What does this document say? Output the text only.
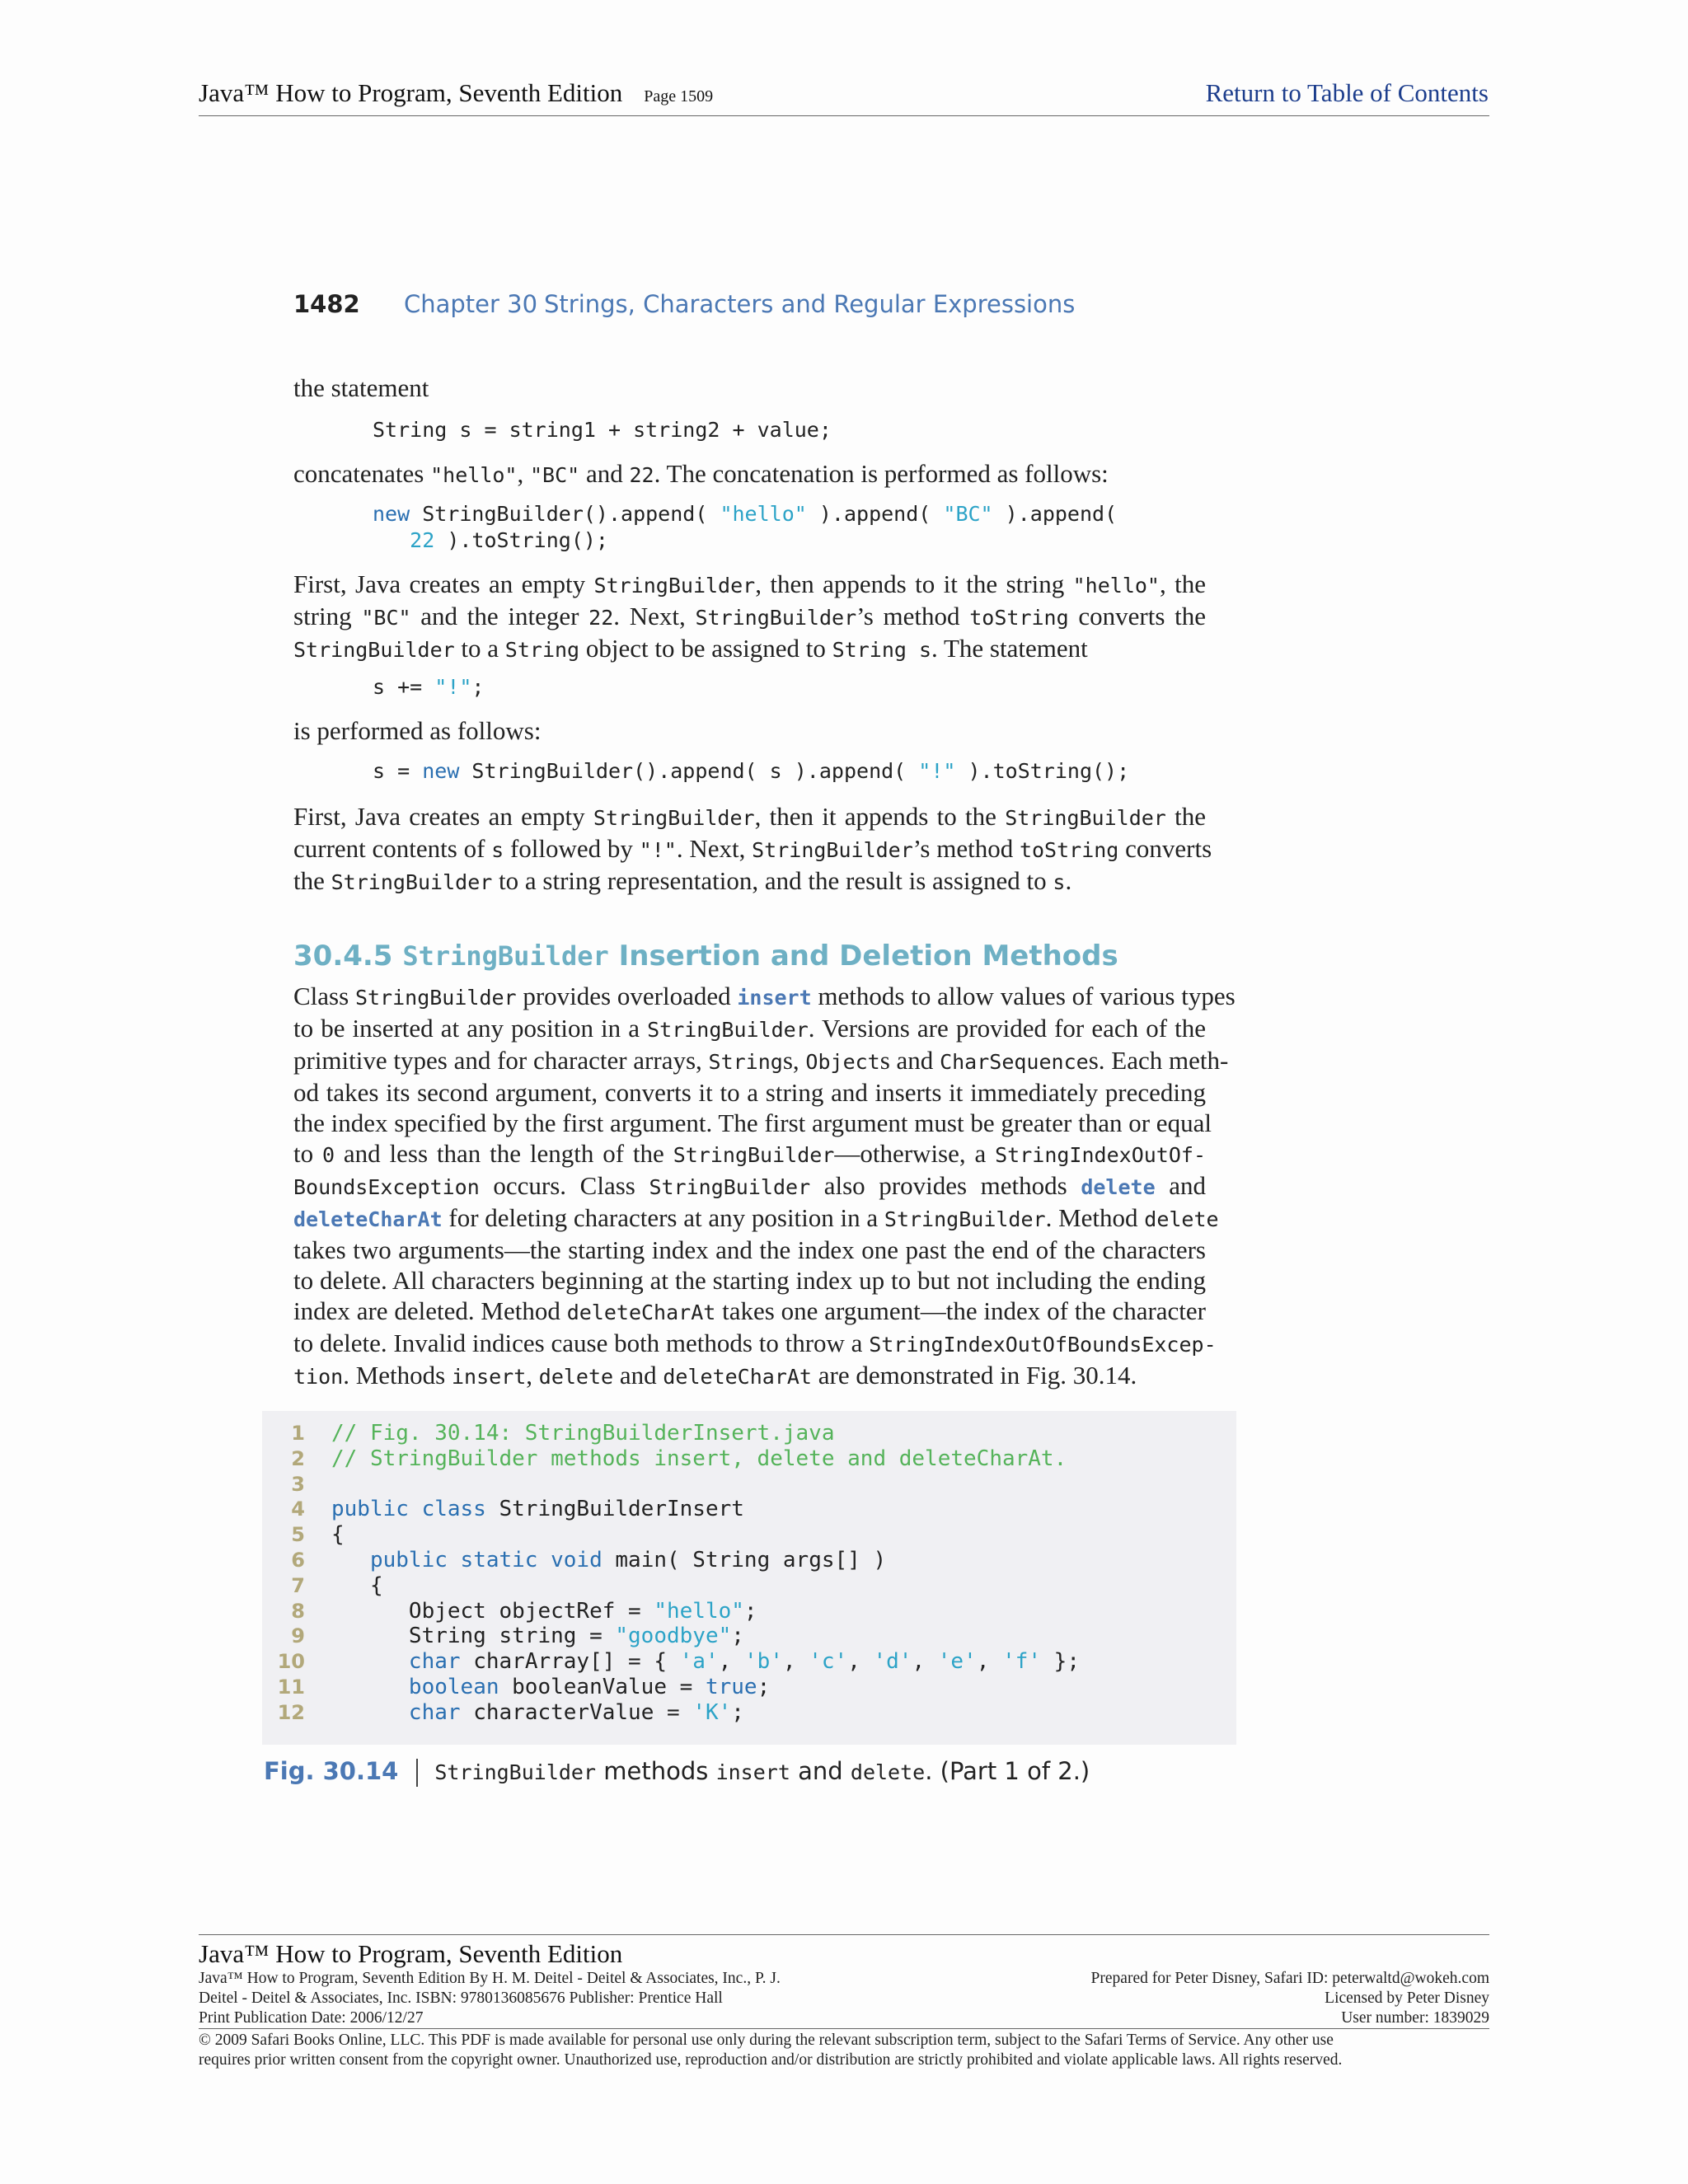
Java™ How to Program, Seventh Edition Page 1509	Return to Table of Contents
1482 Chapter 30 Strings, Characters and Regular Expressions
the statement
String s = string1 + string2 + value;
concatenates "hello", "BC" and 22. The concatenation is performed as follows:
new StringBuilder().append( "hello" ).append( "BC" ).append(
22 ).toString();
First, Java creates an empty StringBuilder, then appends to it the string "hello", the
string "BC" and the integer 22. Next, StringBuilder’s method toString converts the
StringBuilder to a String object to be assigned to String s. The statement
s += "!";
is performed as follows:
s = new StringBuilder().append( s ).append( "!" ).toString();
First, Java creates an empty StringBuilder, then it appends to the StringBuilder the
current contents of s followed by "!". Next, StringBuilder’s method toString converts
the StringBuilder to a string representation, and the result is assigned to s.
30.4.5 StringBuilder Insertion and Deletion Methods
Class StringBuilder provides overloaded insert methods to allow values of various types
to be inserted at any position in a StringBuilder. Versions are provided for each of the
primitive types and for character arrays, Strings, Objects and CharSequences. Each meth-
od takes its second argument, converts it to a string and inserts it immediately preceding
the index specified by the first argument. The first argument must be greater than or equal
to 0 and less than the length of the StringBuilder—otherwise, a StringIndexOutOf-
BoundsException occurs. Class StringBuilder also provides methods delete and
deleteCharAt for deleting characters at any position in a StringBuilder. Method delete
takes two arguments—the starting index and the index one past the end of the characters
to delete. All characters beginning at the starting index up to but not including the ending
index are deleted. Method deleteCharAt takes one argument—the index of the character
to delete. Invalid indices cause both methods to throw a StringIndexOutOfBoundsExcep-
tion. Methods insert, delete and deleteCharAt are demonstrated in Fig. 30.14.
1
2
3
4
5
6
7
8
9
10
11
12
// Fig. 30.14: StringBuilderInsert.java
// StringBuilder methods insert, delete and deleteCharAt.

public class StringBuilderInsert
{
public static void main( String args[] )
{
Object objectRef = "hello";
String string = "goodbye";
char charArray[] = { 'a', 'b', 'c', 'd', 'e', 'f' };
boolean booleanValue = true;
char characterValue = 'K';
Fig. 30.14 StringBuilder methods insert and delete. (Part 1 of 2.)
Java™ How to Program, Seventh Edition
Java™ How to Program, Seventh Edition By H. M. Deitel - Deitel & Associates, Inc., P. J.
Deitel - Deitel & Associates, Inc. ISBN: 9780136085676 Publisher: Prentice Hall
Print Publication Date: 2006/12/27
Prepared for Peter Disney, Safari ID: peterwaltd@wokeh.com
Licensed by Peter Disney
User number: 1839029
© 2009 Safari Books Online, LLC. This PDF is made available for personal use only during the relevant subscription term, subject to the Safari Terms of Service. Any other use
requires prior written consent from the copyright owner. Unauthorized use, reproduction and/or distribution are strictly prohibited and violate applicable laws. All rights reserved.
